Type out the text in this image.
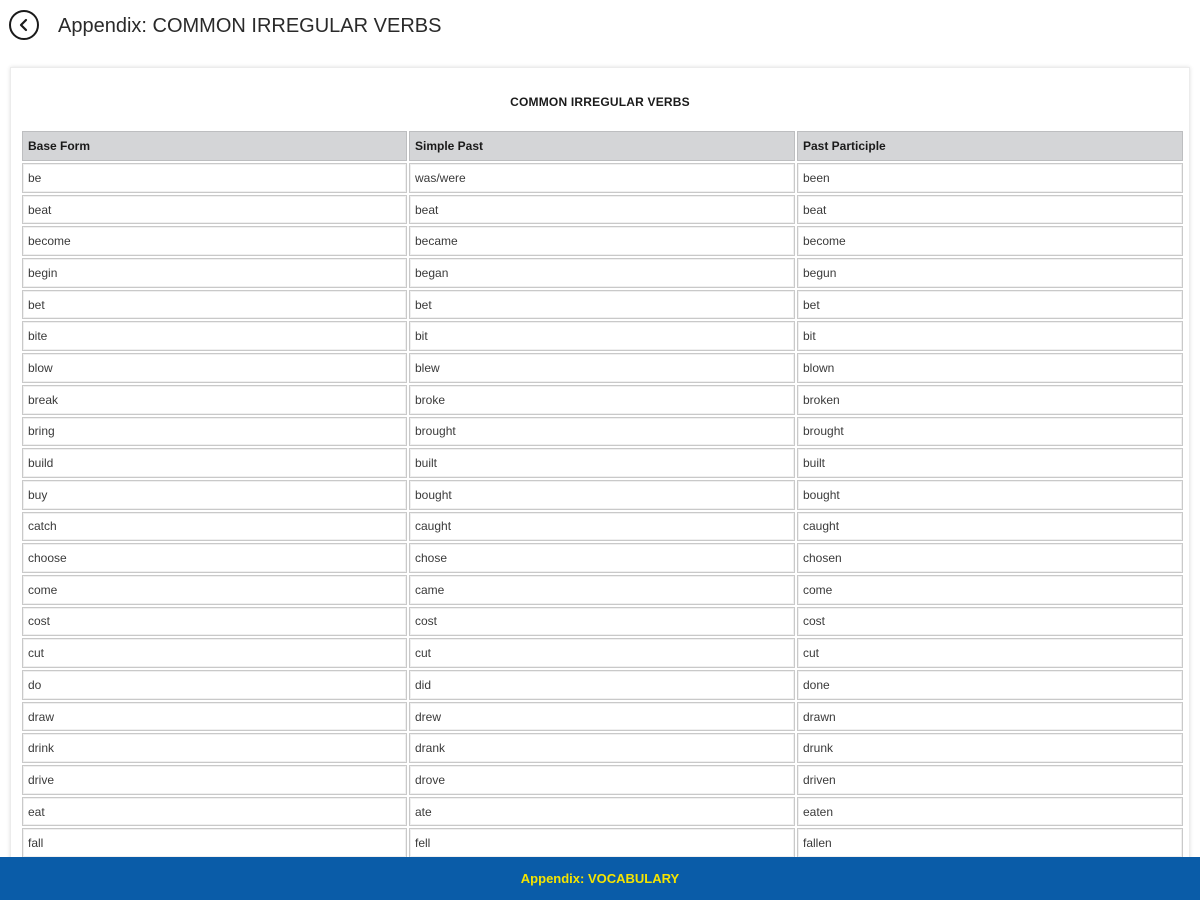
Appendix: COMMON IRREGULAR VERBS
COMMON IRREGULAR VERBS
Base Form	Simple Past	Past Participle
be	was/were	been
beat	beat	beat
become	became	become
begin	began	begun
bet	bet	bet
bite	bit	bit
blow	blew	blown
break	broke	broken
bring	brought	brought
build	built	built
buy	bought	bought
catch	caught	caught
choose	chose	chosen
come	came	come
cost	cost	cost
cut	cut	cut
do	did	done
draw	drew	drawn
drink	drank	drunk
drive	drove	driven
eat	ate	eaten
fall	fell	fallen
Appendix: VOCABULARY
